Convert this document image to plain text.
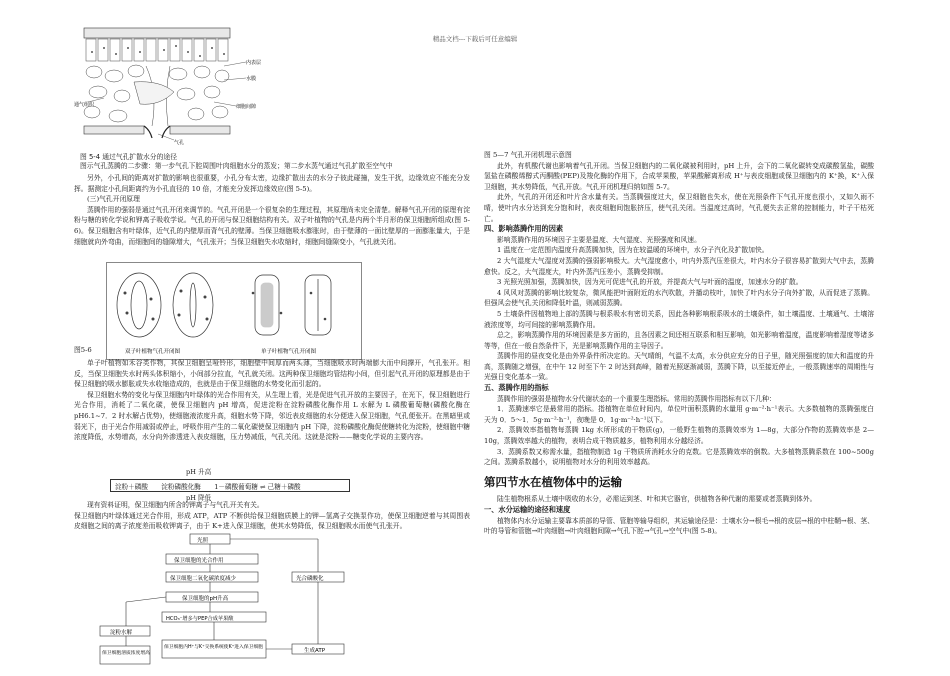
精品文档---下载后可任意编辑
内表层
水膜
通气组织	细胞间隙
气孔
图 5-4 通过气孔扩散水分的途径
图示气孔蒸腾的二步骤：第一步气孔下腔周围叶肉细胞水分的蒸发；第二步水蒸气通过气孔扩散至空气中

另外，小孔间的距离对扩散的影响也很重要，小孔分布太密，边缘扩散出去的水分子彼此碰撞，发生干扰，边缘效应不能充分发挥。据测定小孔间距离约为小孔直径的 10 倍，才能充分发挥边缘效应(图 5-5)。

(三)气孔开闭原理

蒸腾作用的强弱是通过气孔开闭来调节的。气孔开闭是一个很复杂的生理过程，其原理尚未完全清楚。解释气孔开闭的原理有淀粉与糖的转化学说和钾离子吸收学说。气孔的开闭与保卫细胞结构有关。双子叶植物的气孔是内两个半月形的保卫细胞所组成(图 5-6)。保卫细胞含有叶绿体，近气孔的内壁厚而背气孔的壁薄。当保卫细胞吸水膨胀时，由于壁薄的一面比壁厚的一面膨胀量大，于是细胞就向外弯曲，而细胞间的缝隙增大，气孔张开；当保卫细胞失水收缩时，细胞间缝隙变小，气孔就关闭。

双子叶植物气孔开闭图	单子叶植物气孔开闭图
图5-6

单子叶植物如禾谷类作物，其保卫细胞呈哑铃形，细胞壁中间厚而两头薄，当细胞吸水时两端膨大而中间撑开，气孔张开。相反，当保卫细胞失水时两头体积缩小，小间部分拉直，气孔就关闭。这两种保卫细胞均管结构小间，但引起气孔开闭的原理都是由于保卫细胞的吸水膨胀或失水收缩造成的，也就是由于保卫细胞的水势变化而引起的。

保卫细胞水势的变化与保卫细胞内叶绿体的光合作用有关，从生理上看，光是促进气孔开放的主要因子，在光下，保卫细胞进行光合作用，消耗了二氧化碳，使保卫细胞内 pH 增高，促进淀粉在淀粉磷酸化酶作用 L 水解为 L 磷酸葡萄糖(磷酸化酶在 pH6.1~7．2 时水解占优势)，使细胞液浓度升高，细胞水势下降，邻近表皮细胞的水分便进入保卫细胞，气孔便张开。在黑暗里或弱光下，由于光合作用减弱或停止，呼吸作用产生的二氧化碳使保卫细胞内 pH 下降，淀粉磷酸化酶促使糖转化为淀粉，使细胞中糖浓度降低，水势增高，水分向外渗透进入表皮细胞，压力势减低，气孔关闭。这就是淀粉——糖变化学说的主要内容。

pH 升高
淀粉＋磷酸 淀粉磷酸化酶 1－磷酸葡萄糖 ⇌ 己糖＋磷酸
pH 降低

现有资料证明，保卫细胞内所含的钾离子与气孔开关有关。

保卫细胞内叶绿体通过光合作用，形成 ATP，ATP 不断供给保卫细胞质膜上的钾—氢离子交换泵作功，使保卫细胞逆着与其周围表皮细胞之间的离子浓度差而吸收钾离子，由于 K+进入保卫细胞，使其水势降低，保卫细胞吸水而使气孔张开。

光照
保卫细胞的光合作用
保卫细胞二氧化碳浓度减少
保卫细胞的pH升高
HCO₃⁻增多与PEP合成苹果酸
淀粉水解
保卫细胞内H⁺与K⁺交换系统使K⁺进入保卫细胞
保卫细胞溶质浓度增高
光合磷酸化
生成ATP

图 5—7 气孔开闭机理示意图

此外，有机酸代谢也影响着气孔开闭。当保卫细胞内的二氧化碳被利用时，pH 上升，会下的二氧化碳转变成碳酸氢盐，碳酸氢盐在磷酸烯醇式丙酮酸(PEP)及羧化酶的作用下，合成苹果酸，苹果酸解离形成 H⁺与表皮细胞或保卫细胞内的 K⁺换，K⁺入保卫细胞，其水势降低，气孔开放。气孔开闭机理归纳如图 5-7。

此外，气孔的开闭还和叶片含水量有关。当蒸腾强度过大，保卫细胞也失水，使在光照条件下气孔开度也很小，又如久雨不晴，使叶内水分达到充分饱和时，表皮细胞间饱胀挤压，使气孔关闭。当温度过高时，气孔便失去正常的控制能力，叶子干枯死亡。

四、影响蒸腾作用的因素

影响蒸腾作用的环境因子主要是温度、大气湿度、光照强度和风速。

1 温度在一定范围内温度升高蒸腾加快，因为在较温暖的环境中，水分子汽化及扩散加快。

2 大气湿度大气湿度对蒸腾的强弱影响极大。大气湿度愈小，叶内外蒸汽压差很大，叶内水分子很容易扩散到大气中去，蒸腾愈快。反之，大气湿度大，叶内外蒸汽压差小，蒸腾受抑制。

3 光照光照加强，蒸腾加快，因为光可促进气孔的开放，并提高大气与叶面的温度，加速水分的扩散。

4 风风对蒸腾的影响比较复杂，微风能把叶面附近的水汽吹散，并播动枝叶，加快了叶内水分子向外扩散，从而促进了蒸腾。但强风会使气孔关闭和降低叶温，则减弱蒸腾。

5 土壤条件因植物地上部的蒸腾与根系吸水有密切关系，因此各种影响根系吸水的土壤条件，如土壤温度、土壤通气、土壤溶液浓度等，均可间接的影响蒸腾作用。

总之，影响蒸腾作用的环境因素是多方面的，且各因素之间还相互联系和相互影响，如光影响着温度，温度影响着湿度等诸多等等，但在一般自然条件下，光是影响蒸腾作用的主导因子。

蒸腾作用的昼夜变化是由外界条件所决定的。天气晴朗，气温不太高，水分供应充分的日子里，随光照强度的加大和温度的升高，蒸腾随之增强，在中午 12 时至下午 2 时达到高峰，随着光照逐渐减弱，蒸腾下降，以至接近停止，一般蒸腾速率的周期性与光强日变化基本一致。

五、蒸腾作用的指标

蒸腾作用的强弱是植物水分代谢状态的一个重要生理指标。常用的蒸腾作用指标有以下几种：

1．蒸腾速率它是最常用的指标。指植物在单位时间内，单位叶面积蒸腾的水量用 g·m⁻²·h⁻¹表示。大多数植物的蒸腾强度白天为 0．5～1．5g·m⁻²·h⁻¹，夜晚是 0．1g·m⁻²·h⁻¹以下。

2．蒸腾效率指植物每蒸腾 1kg 水所形成的干物质(g)，一般野生植物的蒸腾效率为 1—8g，大部分作物的蒸腾效率是 2—10g，蒸腾效率越大的植物，表明合成干物质越多，植物利用水分越经济。

3．蒸腾系数又称需水量，指植物制造 1g 干物质所消耗水分的克数。它是蒸腾效率的倒数。大多植物蒸腾系数在 100~500g 之间。蒸腾系数越小，说明植物对水分的利用效率越高。

第四节水在植物体中的运输

陆生植物根系从土壤中吸收的水分，必需运到茎、叶和其它器官，供植物各种代谢的需要或者蒸腾到体外。

一、水分运输的途径和速度

植物体内水分运输主要靠本质部的导管、管胞等输导组织，其运输途径是：土壤水分→根毛→根的皮层→根的中柱鞘→根、茎、叶的导管和管胞→叶肉细胞→叶肉细胞间隙→气孔下腔→气孔→空气中(图 5-8)。
